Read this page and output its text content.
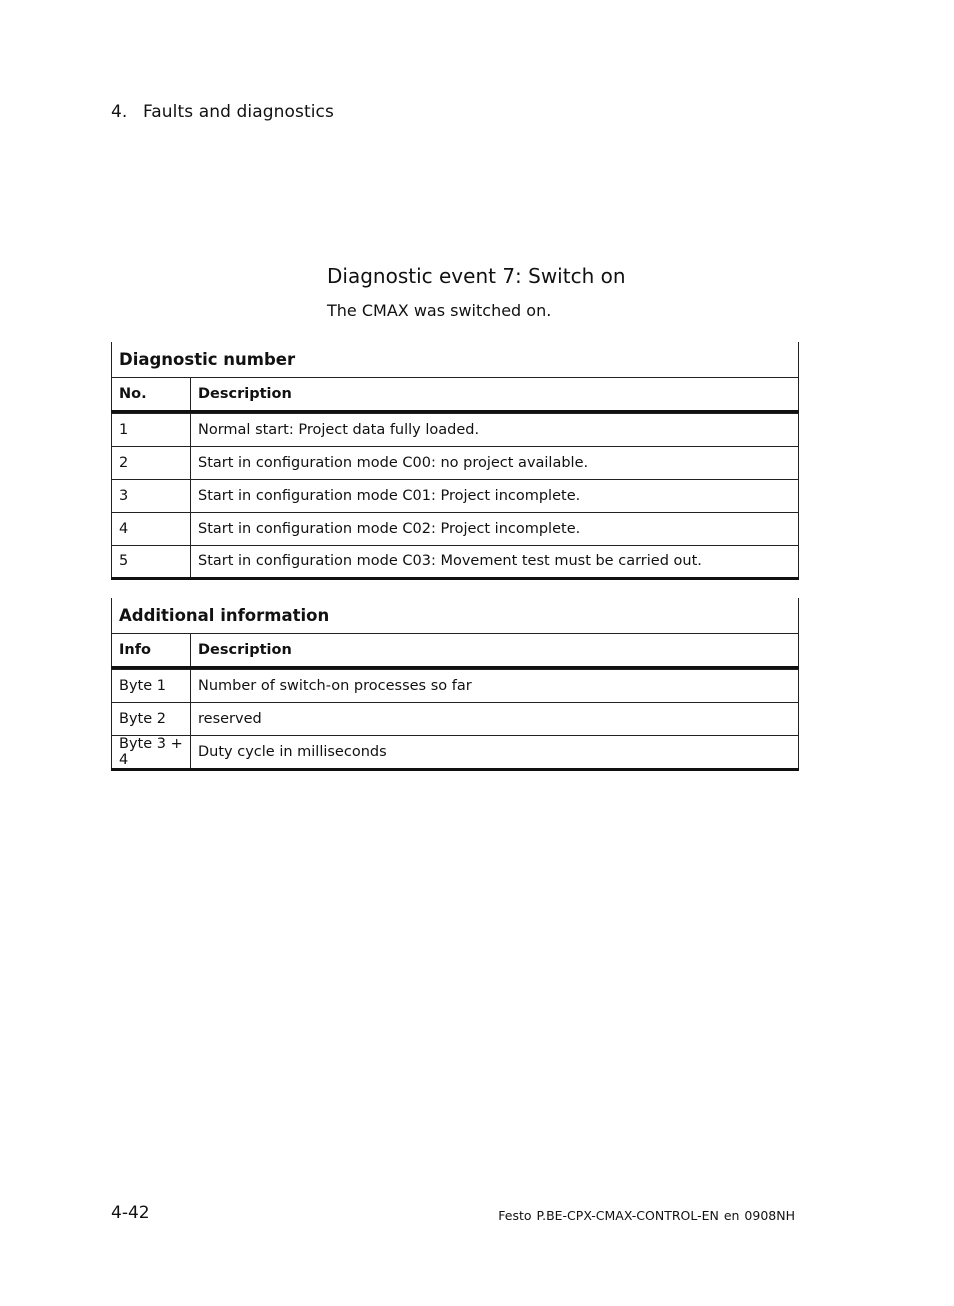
4. Faults and diagnostics
Diagnostic event 7: Switch on
The CMAX was switched on.
Diagnostic number	
No.	Description

1	Normal start: Project data fully loaded.
2	Start in configuration mode C00: no project available.
3	Start in configuration mode C01: Project incomplete.
4	Start in configuration mode C02: Project incomplete.
5	Start in configuration mode C03: Movement test must be carried out.
Additional information	
Info	Description

Byte 1	Number of switch-on processes so far
Byte 2	reserved
Byte 3 + 4	Duty cycle in milliseconds
4-42	Festo P.BE-CPX-CMAX-CONTROL-EN en 0908NH
